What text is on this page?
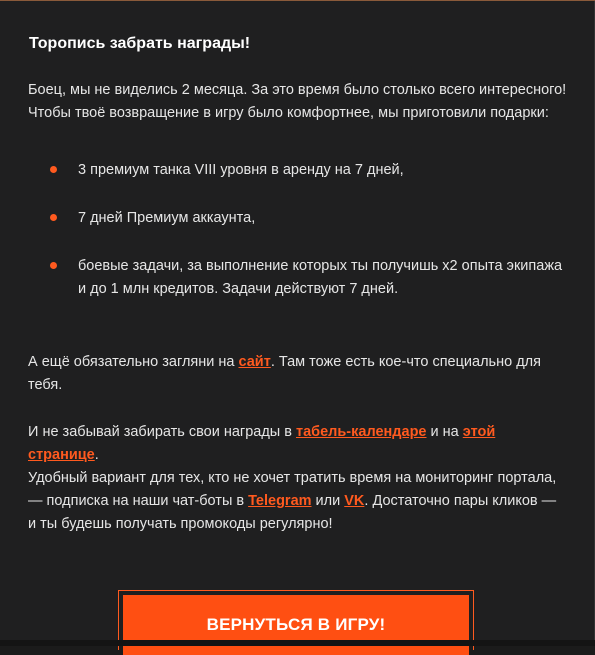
Торопись забрать награды!

Боец, мы не виделись 2 месяца. За это время было столько всего интересного! Чтобы твоё возвращение в игру было комфортнее, мы приготовили подарки:

3 премиум танка VIII уровня в аренду на 7 дней,
7 дней Премиум аккаунта,
боевые задачи, за выполнение которых ты получишь x2 опыта экипажа и до 1 млн кредитов. Задачи действуют 7 дней.

А ещё обязательно загляни на сайт. Там тоже есть кое-что специально для тебя.

И не забывай забирать свои награды в табель-календаре и на этой странице.

Удобный вариант для тех, кто не хочет тратить время на мониторинг портала, — подписка на наши чат-боты в Telegram или VK. Достаточно пары кликов — и ты будешь получать промокоды регулярно!

ВЕРНУТЬСЯ В ИГРУ!
